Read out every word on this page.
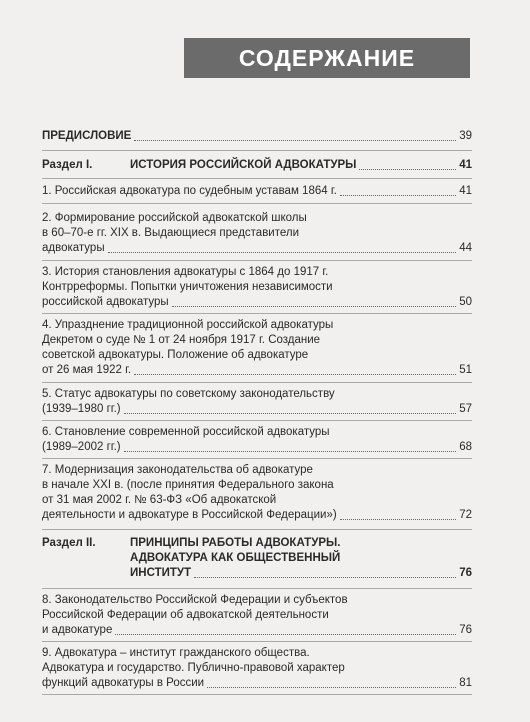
СОДЕРЖАНИЕ
ПРЕДИСЛОВИЕ	39
Раздел I.	ИСТОРИЯ РОССИЙСКОЙ АДВОКАТУРЫ	41
1. Российская адвокатура по судебным уставам 1864 г.	41
2. Формирование российской адвокатской школы
в 60–70-е гг. XIX в. Выдающиеся представители
адвокатуры	44
3. История становления адвокатуры с 1864 до 1917 г.
Контрреформы. Попытки уничтожения независимости
российской адвокатуры	50
4. Упразднение традиционной российской адвокатуры
Декретом о суде № 1 от 24 ноября 1917 г. Создание
советской адвокатуры. Положение об адвокатуре
от 26 мая 1922 г.	51
5. Статус адвокатуры по советскому законодательству
(1939–1980 гг.)	57
6. Становление современной российской адвокатуры
(1989–2002 гг.)	68
7. Модернизация законодательства об адвокатуре
в начале XXI в. (после принятия Федерального закона
от 31 мая 2002 г. № 63-ФЗ «Об адвокатской
деятельности и адвокатуре в Российской Федерации»)	72
Раздел II.	ПРИНЦИПЫ РАБОТЫ АДВОКАТУРЫ.
АДВОКАТУРА КАК ОБЩЕСТВЕННЫЙ
ИНСТИТУТ	76
8. Законодательство Российской Федерации и субъектов
Российской Федерации об адвокатской деятельности
и адвокатуре	76
9. Адвокатура – институт гражданского общества.
Адвокатура и государство. Публично-правовой характер
функций адвокатуры в России	81
